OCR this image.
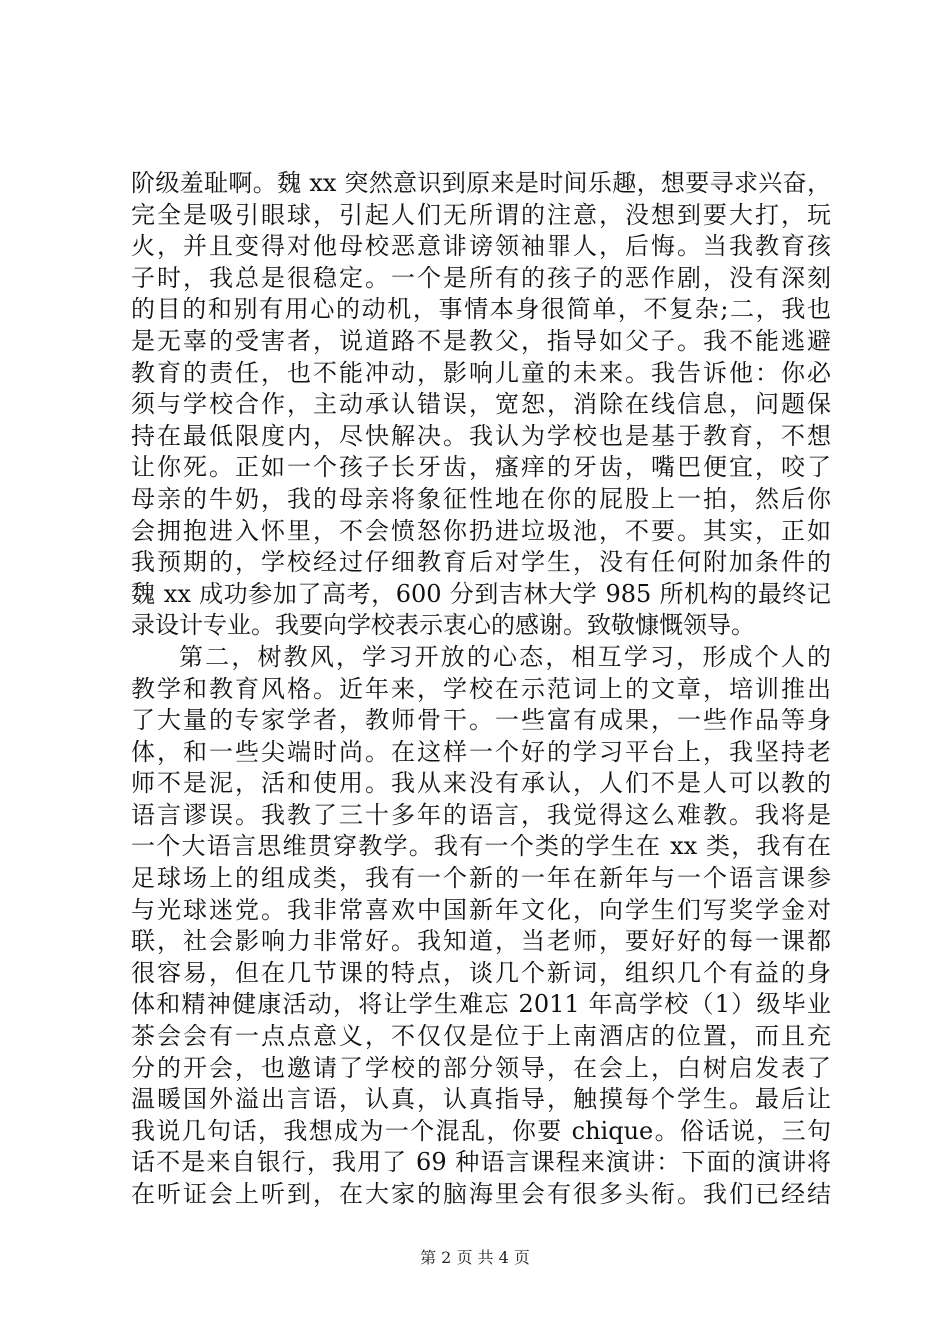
阶级羞耻啊。魏 xx 突然意识到原来是时间乐趣，想要寻求兴奋，
完全是吸引眼球，引起人们无所谓的注意，没想到要大打，玩
火，并且变得对他母校恶意诽谤领袖罪人，后悔。当我教育孩
子时，我总是很稳定。一个是所有的孩子的恶作剧，没有深刻
的目的和别有用心的动机，事情本身很简单，不复杂;二，我也
是无辜的受害者，说道路不是教父，指导如父子。我不能逃避
教育的责任，也不能冲动，影响儿童的未来。我告诉他：你必
须与学校合作，主动承认错误，宽恕，消除在线信息，问题保
持在最低限度内，尽快解决。我认为学校也是基于教育，不想
让你死。正如一个孩子长牙齿，瘙痒的牙齿，嘴巴便宜，咬了
母亲的牛奶，我的母亲将象征性地在你的屁股上一拍，然后你
会拥抱进入怀里，不会愤怒你扔进垃圾池，不要。其实，正如
我预期的，学校经过仔细教育后对学生，没有任何附加条件的
魏 xx 成功参加了高考，600 分到吉林大学 985 所机构的最终记
录设计专业。我要向学校表示衷心的感谢。致敬慷慨领导。
第二，树教风，学习开放的心态，相互学习，形成个人的
教学和教育风格。近年来，学校在示范词上的文章，培训推出
了大量的专家学者，教师骨干。一些富有成果，一些作品等身
体，和一些尖端时尚。在这样一个好的学习平台上，我坚持老
师不是泥，活和使用。我从来没有承认，人们不是人可以教的
语言谬误。我教了三十多年的语言，我觉得这么难教。我将是
一个大语言思维贯穿教学。我有一个类的学生在 xx 类，我有在
足球场上的组成类，我有一个新的一年在新年与一个语言课参
与光球迷党。我非常喜欢中国新年文化，向学生们写奖学金对
联，社会影响力非常好。我知道，当老师，要好好的每一课都
很容易，但在几节课的特点，谈几个新词，组织几个有益的身
体和精神健康活动，将让学生难忘 2011 年高学校（1）级毕业
茶会会有一点点意义，不仅仅是位于上南酒店的位置，而且充
分的开会，也邀请了学校的部分领导，在会上，白树启发表了
温暖国外溢出言语，认真，认真指导，触摸每个学生。最后让
我说几句话，我想成为一个混乱，你要 chique。俗话说，三句
话不是来自银行，我用了 69 种语言课程来演讲：下面的演讲将
在听证会上听到，在大家的脑海里会有很多头衔。我们已经结
第 2 页 共 4 页
